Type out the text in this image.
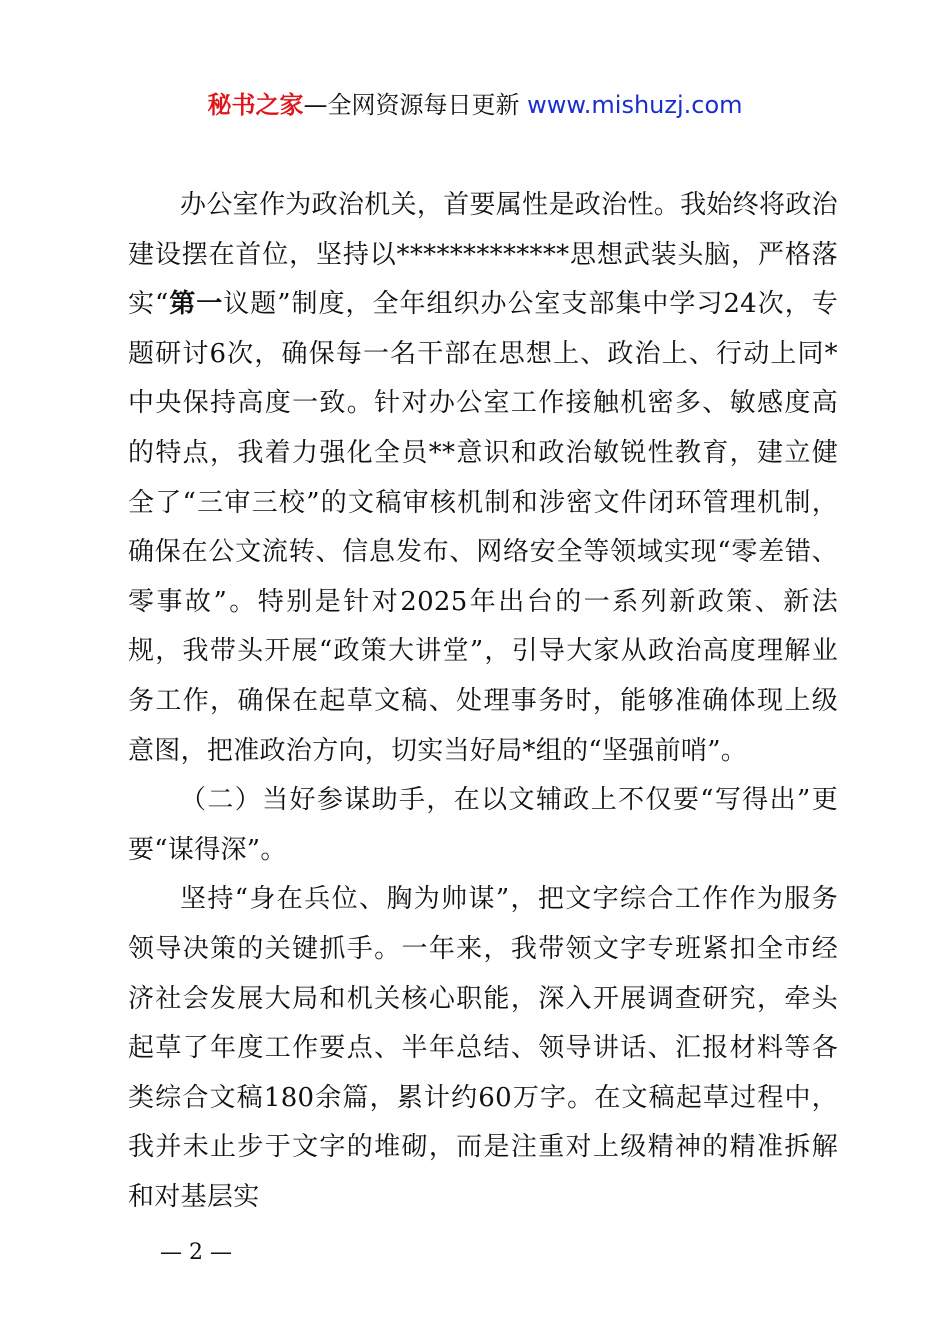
秘书之家—全网资源每日更新 www.mishuzj.com

办公室作为政治机关，首要属性是政治性。我始终将政治建设摆在首位，坚持以*************思想武装头脑，严格落实“第一议题”制度，全年组织办公室支部集中学习24次，专题研讨6次，确保每一名干部在思想上、政治上、行动上同*中央保持高度一致。针对办公室工作接触机密多、敏感度高的特点，我着力强化全员**意识和政治敏锐性教育，建立健全了“三审三校”的文稿审核机制和涉密文件闭环管理机制，确保在公文流转、信息发布、网络安全等领域实现“零差错、零事故”。特别是针对2025年出台的一系列新政策、新法规，我带头开展“政策大讲堂”，引导大家从政治高度理解业务工作，确保在起草文稿、处理事务时，能够准确体现上级意图，把准政治方向，切实当好局*组的“坚强前哨”。

（二）当好参谋助手，在以文辅政上不仅要“写得出”更要“谋得深”。

坚持“身在兵位、胸为帅谋”，把文字综合工作作为服务领导决策的关键抓手。一年来，我带领文字专班紧扣全市经济社会发展大局和机关核心职能，深入开展调查研究，牵头起草了年度工作要点、半年总结、领导讲话、汇报材料等各类综合文稿180余篇，累计约60万字。在文稿起草过程中，我并未止步于文字的堆砌，而是注重对上级精神的精准拆解和对基层实

— 2 —
